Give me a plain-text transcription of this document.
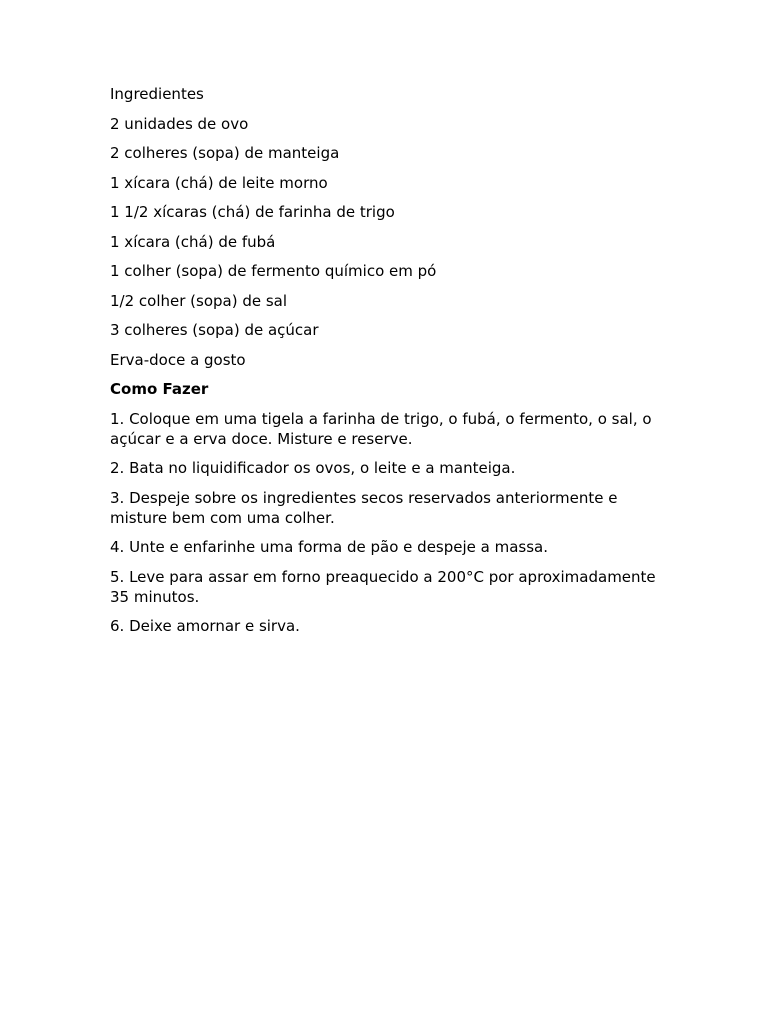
Ingredientes

2 unidades de ovo

2 colheres (sopa) de manteiga

1 xícara (chá) de leite morno

1 1/2 xícaras (chá) de farinha de trigo

1 xícara (chá) de fubá

1 colher (sopa) de fermento químico em pó

1/2 colher (sopa) de sal

3 colheres (sopa) de açúcar

Erva-doce a gosto

Como Fazer

1. Coloque em uma tigela a farinha de trigo, o fubá, o fermento, o sal, o açúcar e a erva doce. Misture e reserve.

2. Bata no liquidificador os ovos, o leite e a manteiga.

3. Despeje sobre os ingredientes secos reservados anteriormente e misture bem com uma colher.

4. Unte e enfarinhe uma forma de pão e despeje a massa.

5. Leve para assar em forno preaquecido a 200°C por aproximadamente 35 minutos.

6. Deixe amornar e sirva.
